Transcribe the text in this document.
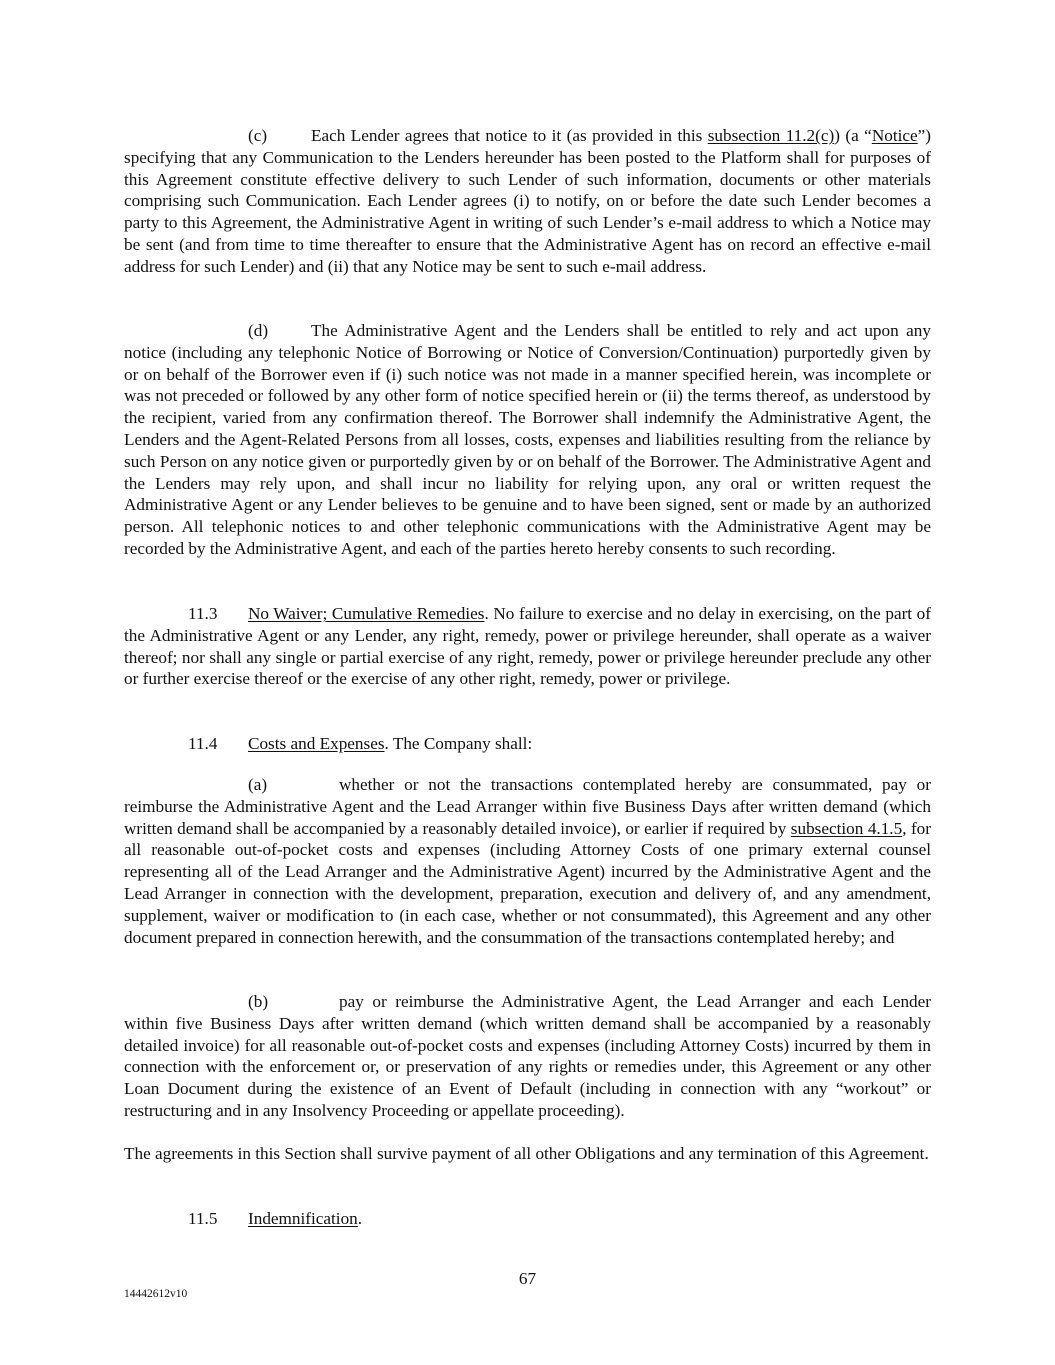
(c)	Each Lender agrees that notice to it (as provided in this subsection 11.2(c)) (a “Notice”) specifying that any Communication to the Lenders hereunder has been posted to the Platform shall for purposes of this Agreement constitute effective delivery to such Lender of such information, documents or other materials comprising such Communication. Each Lender agrees (i) to notify, on or before the date such Lender becomes a party to this Agreement, the Administrative Agent in writing of such Lender’s e-mail address to which a Notice may be sent (and from time to time thereafter to ensure that the Administrative Agent has on record an effective e-mail address for such Lender) and (ii) that any Notice may be sent to such e-mail address.

(d) The Administrative Agent and the Lenders shall be entitled to rely and act upon any notice (including any telephonic Notice of Borrowing or Notice of Conversion/Continuation) purportedly given by or on behalf of the Borrower even if (i) such notice was not made in a manner specified herein, was incomplete or was not preceded or followed by any other form of notice specified herein or (ii) the terms thereof, as understood by the recipient, varied from any confirmation thereof. The Borrower shall indemnify the Administrative Agent, the Lenders and the Agent-Related Persons from all losses, costs, expenses and liabilities resulting from the reliance by such Person on any notice given or purportedly given by or on behalf of the Borrower. The Administrative Agent and the Lenders may rely upon, and shall incur no liability for relying upon, any oral or written request the Administrative Agent or any Lender believes to be genuine and to have been signed, sent or made by an authorized person. All telephonic notices to and other telephonic communications with the Administrative Agent may be recorded by the Administrative Agent, and each of the parties hereto hereby consents to such recording.

11.3 No Waiver; Cumulative Remedies. No failure to exercise and no delay in exercising, on the part of the Administrative Agent or any Lender, any right, remedy, power or privilege hereunder, shall operate as a waiver thereof; nor shall any single or partial exercise of any right, remedy, power or privilege hereunder preclude any other or further exercise thereof or the exercise of any other right, remedy, power or privilege.

11.4 Costs and Expenses. The Company shall:

(a)	whether or not the transactions contemplated hereby are consummated, pay or reimburse the Administrative Agent and the Lead Arranger within five Business Days after written demand (which written demand shall be accompanied by a reasonably detailed invoice), or earlier if required by subsection 4.1.5, for all reasonable out-of-pocket costs and expenses (including Attorney Costs of one primary external counsel representing all of the Lead Arranger and the Administrative Agent) incurred by the Administrative Agent and the Lead Arranger in connection with the development, preparation, execution and delivery of, and any amendment, supplement, waiver or modification to (in each case, whether or not consummated), this Agreement and any other document prepared in connection herewith, and the consummation of the transactions contemplated hereby; and

(b)	pay or reimburse the Administrative Agent, the Lead Arranger and each Lender within five Business Days after written demand (which written demand shall be accompanied by a reasonably detailed invoice) for all reasonable out-of-pocket costs and expenses (including Attorney Costs) incurred by them in connection with the enforcement or, or preservation of any rights or remedies under, this Agreement or any other Loan Document during the existence of an Event of Default (including in connection with any “workout” or restructuring and in any Insolvency Proceeding or appellate proceeding).

The agreements in this Section shall survive payment of all other Obligations and any termination of this Agreement.

11.5 Indemnification.

67

14442612v10
